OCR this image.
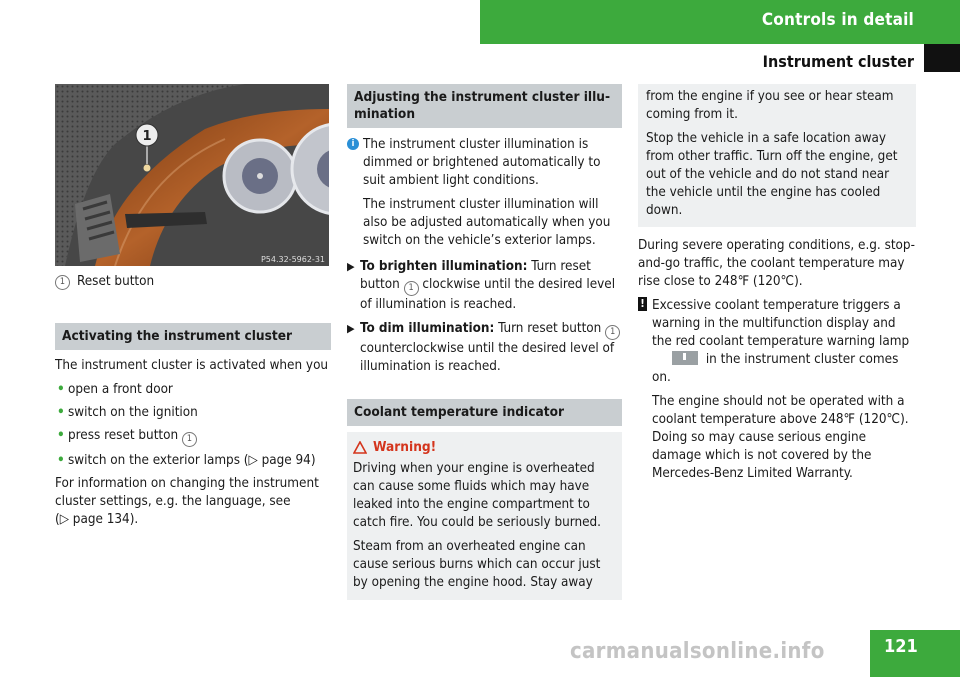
Controls in detail
Instrument cluster
1
P54.32-5962-31

1 Reset button

Activating the instrument cluster

The instrument cluster is activated when you

• open a front door
• switch on the ignition
• press reset button 1
• switch on the exterior lamps (▷ page 94)

For information on changing the instrument
cluster settings, e.g. the language, see
(▷ page 134).

Adjusting the instrument cluster illu-
mination
i The instrument cluster illumination is dimmed or brightened automatically to suit ambient light conditions.

The instrument cluster illumination will also be adjusted automatically when you switch on the vehicle’s exterior lamps.

▶ To brighten illumination: Turn reset button 1 clockwise until the desired level of illumination is reached.
▶ To dim illumination: Turn reset button 1 counterclockwise until the desired level of illumination is reached.
Coolant temperature indicator
Warning!

Driving when your engine is overheated can cause some fluids which may have leaked into the engine compartment to catch fire. You could be seriously burned.

Steam from an overheated engine can cause serious burns which can occur just by opening the engine hood. Stay away

from the engine if you see or hear steam coming from it.

Stop the vehicle in a safe location away from other traffic. Turn off the engine, get out of the vehicle and do not stand near the vehicle until the engine has cooled down.

During severe operating conditions, e.g. stop-and-go traffic, the coolant temperature may rise close to 248℉ (120℃).

! Excessive coolant temperature triggers a warning in the multifunction display and the red coolant temperature warning lamp
in the instrument cluster comes on.

The engine should not be operated with a coolant temperature above 248℉ (120℃). Doing so may cause serious engine damage which is not covered by the Mercedes-Benz Limited Warranty.

carmanualsonline.info	121
